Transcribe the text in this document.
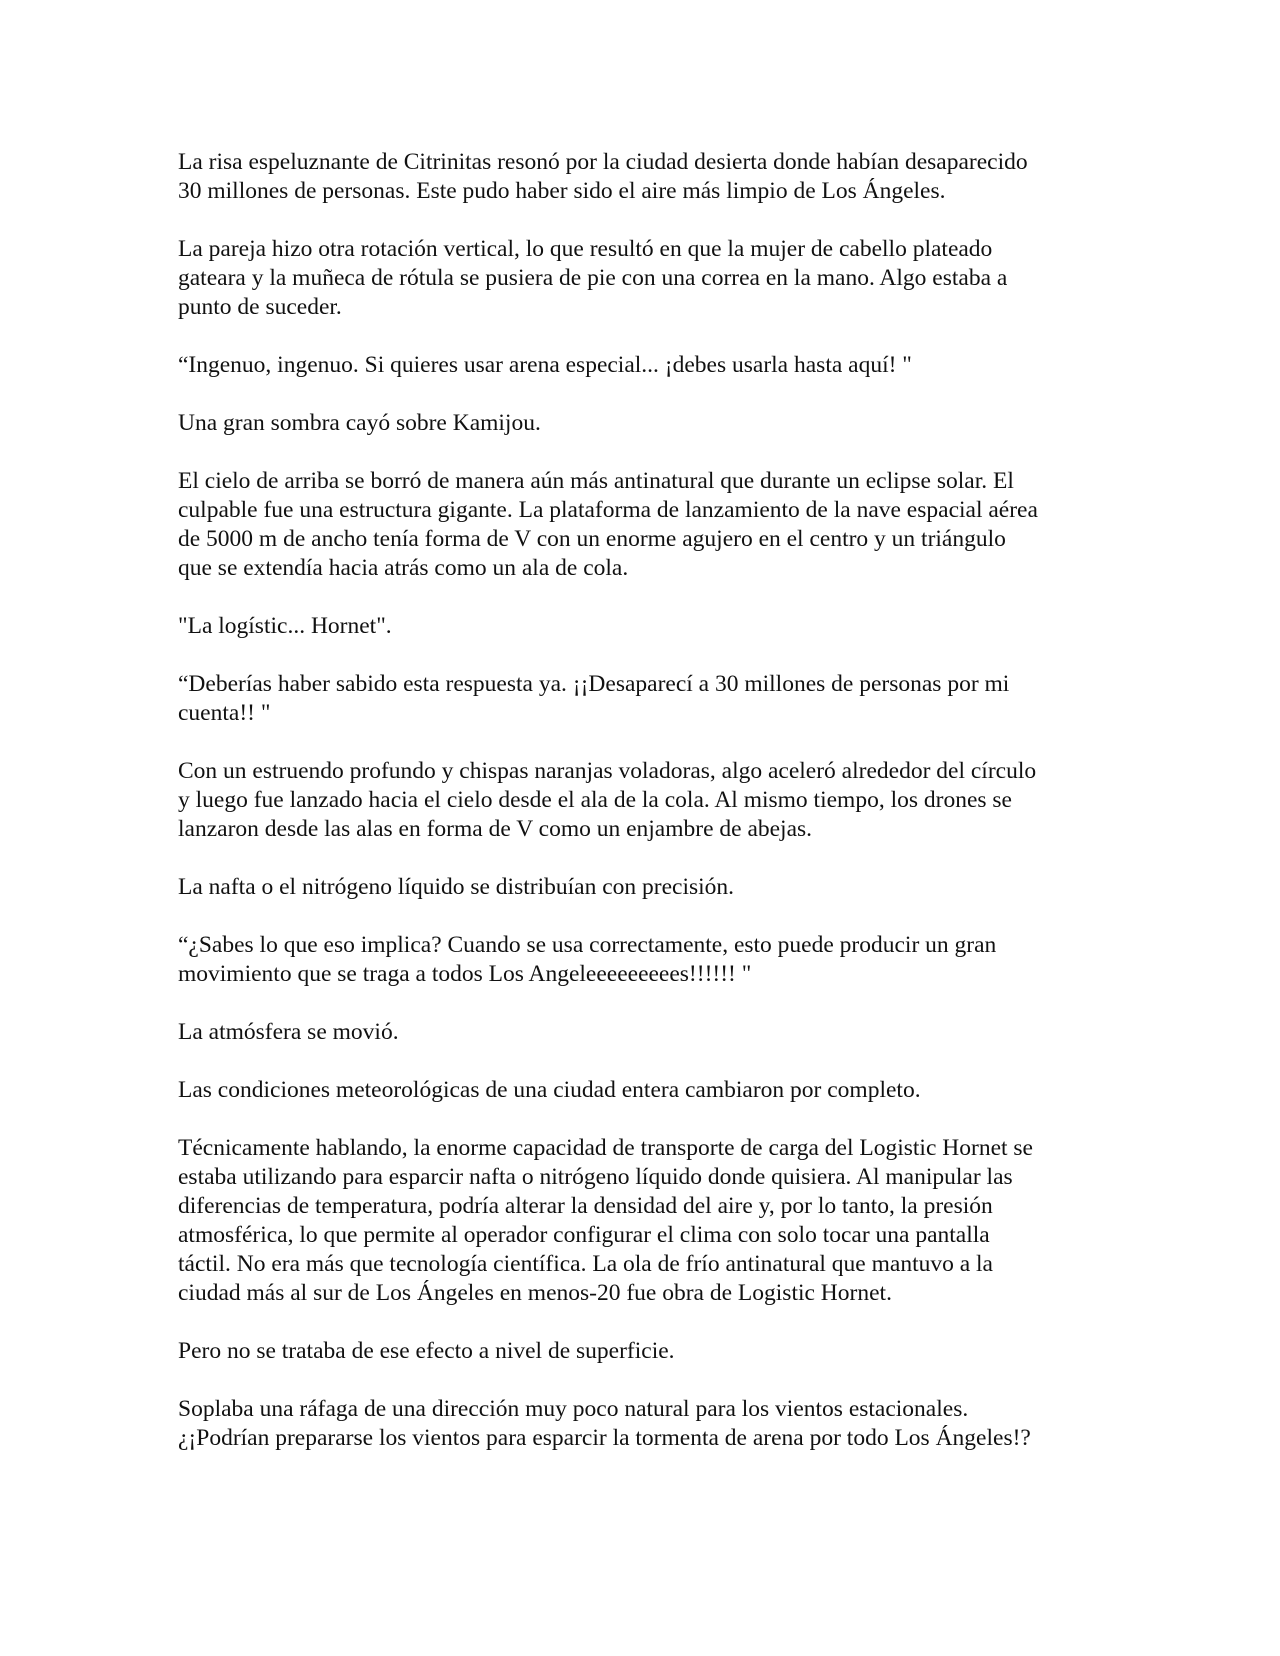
La risa espeluznante de Citrinitas resonó por la ciudad desierta donde habían desaparecido
30 millones de personas. Este pudo haber sido el aire más limpio de Los Ángeles.

La pareja hizo otra rotación vertical, lo que resultó en que la mujer de cabello plateado
gateara y la muñeca de rótula se pusiera de pie con una correa en la mano. Algo estaba a
punto de suceder.

“Ingenuo, ingenuo. Si quieres usar arena especial... ¡debes usarla hasta aquí! "

Una gran sombra cayó sobre Kamijou.

El cielo de arriba se borró de manera aún más antinatural que durante un eclipse solar. El
culpable fue una estructura gigante. La plataforma de lanzamiento de la nave espacial aérea
de 5000 m de ancho tenía forma de V con un enorme agujero en el centro y un triángulo
que se extendía hacia atrás como un ala de cola.

"La logístic... Hornet".

“Deberías haber sabido esta respuesta ya. ¡¡Desaparecí a 30 millones de personas por mi
cuenta!! "

Con un estruendo profundo y chispas naranjas voladoras, algo aceleró alrededor del círculo
y luego fue lanzado hacia el cielo desde el ala de la cola. Al mismo tiempo, los drones se
lanzaron desde las alas en forma de V como un enjambre de abejas.

La nafta o el nitrógeno líquido se distribuían con precisión.

“¿Sabes lo que eso implica? Cuando se usa correctamente, esto puede producir un gran
movimiento que se traga a todos Los Angeleeeeeeeees!!!!!! "

La atmósfera se movió.

Las condiciones meteorológicas de una ciudad entera cambiaron por completo.

Técnicamente hablando, la enorme capacidad de transporte de carga del Logistic Hornet se
estaba utilizando para esparcir nafta o nitrógeno líquido donde quisiera. Al manipular las
diferencias de temperatura, podría alterar la densidad del aire y, por lo tanto, la presión
atmosférica, lo que permite al operador configurar el clima con solo tocar una pantalla
táctil. No era más que tecnología científica. La ola de frío antinatural que mantuvo a la
ciudad más al sur de Los Ángeles en menos-20 fue obra de Logistic Hornet.

Pero no se trataba de ese efecto a nivel de superficie.

Soplaba una ráfaga de una dirección muy poco natural para los vientos estacionales.
¿¡Podrían prepararse los vientos para esparcir la tormenta de arena por todo Los Ángeles!?
